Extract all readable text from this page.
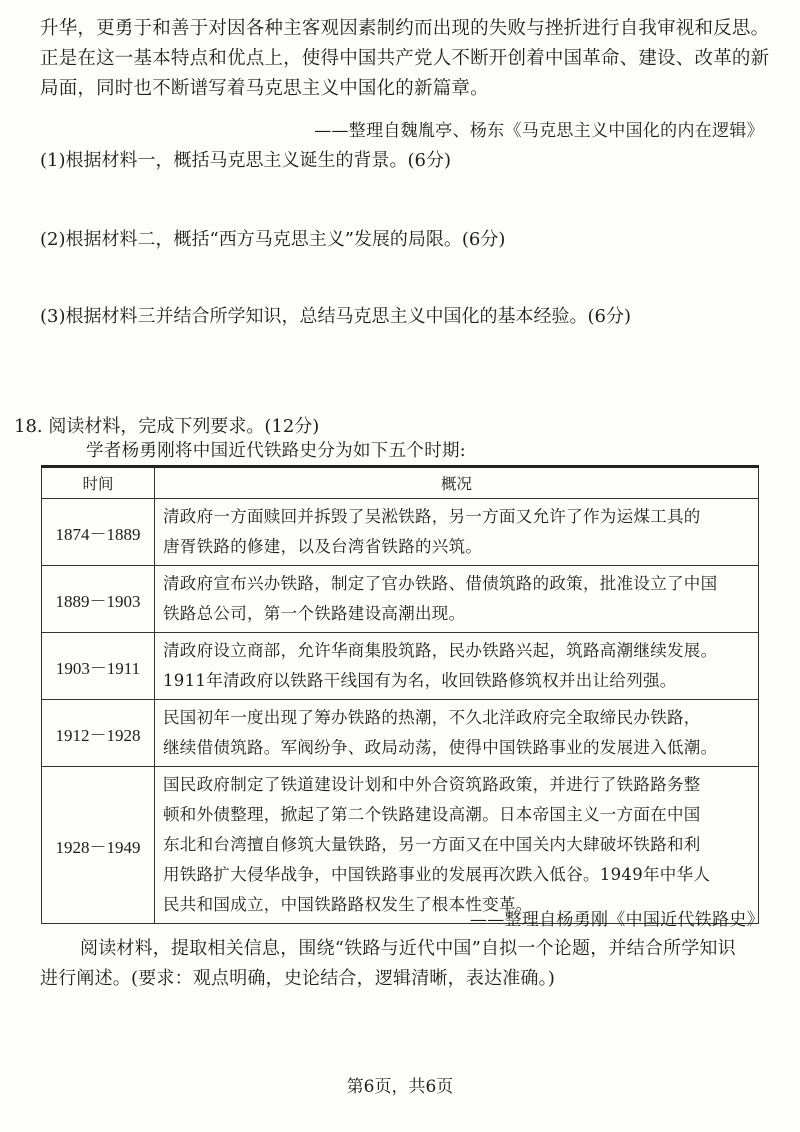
升华，更勇于和善于对因各种主客观因素制约而出现的失败与挫折进行自我审视和反思。
正是在这一基本特点和优点上，使得中国共产党人不断开创着中国革命、建设、改革的新
局面，同时也不断谱写着马克思主义中国化的新篇章。
——整理自魏胤亭、杨东《马克思主义中国化的内在逻辑》
(1)根据材料一，概括马克思主义诞生的背景。(6分)
(2)根据材料二，概括“西方马克思主义”发展的局限。(6分)
(3)根据材料三并结合所学知识，总结马克思主义中国化的基本经验。(6分)
18. 阅读材料，完成下列要求。(12分)
学者杨勇刚将中国近代铁路史分为如下五个时期:
时间	概况
1874－1889	清政府一方面赎回并拆毁了吴淞铁路，另一方面又允许了作为运煤工具的
唐胥铁路的修建，以及台湾省铁路的兴筑。

1889－1903	清政府宣布兴办铁路，制定了官办铁路、借债筑路的政策，批准设立了中国
铁路总公司，第一个铁路建设高潮出现。

1903－1911	清政府设立商部，允许华商集股筑路，民办铁路兴起，筑路高潮继续发展。
1911年清政府以铁路干线国有为名，收回铁路修筑权并出让给列强。

1912－1928	民国初年一度出现了筹办铁路的热潮，不久北洋政府完全取缔民办铁路，
继续借债筑路。军阀纷争、政局动荡，使得中国铁路事业的发展进入低潮。

1928－1949	国民政府制定了铁道建设计划和中外合资筑路政策，并进行了铁路路务整
顿和外债整理，掀起了第二个铁路建设高潮。日本帝国主义一方面在中国
东北和台湾擅自修筑大量铁路，另一方面又在中国关内大肆破坏铁路和利
用铁路扩大侵华战争，中国铁路事业的发展再次跌入低谷。1949年中华人
民共和国成立，中国铁路路权发生了根本性变革。
——整理自杨勇刚《中国近代铁路史》
阅读材料，提取相关信息，围绕“铁路与近代中国”自拟一个论题，并结合所学知识
进行阐述。(要求：观点明确，史论结合，逻辑清晰，表达准确。)
第6页，共6页
